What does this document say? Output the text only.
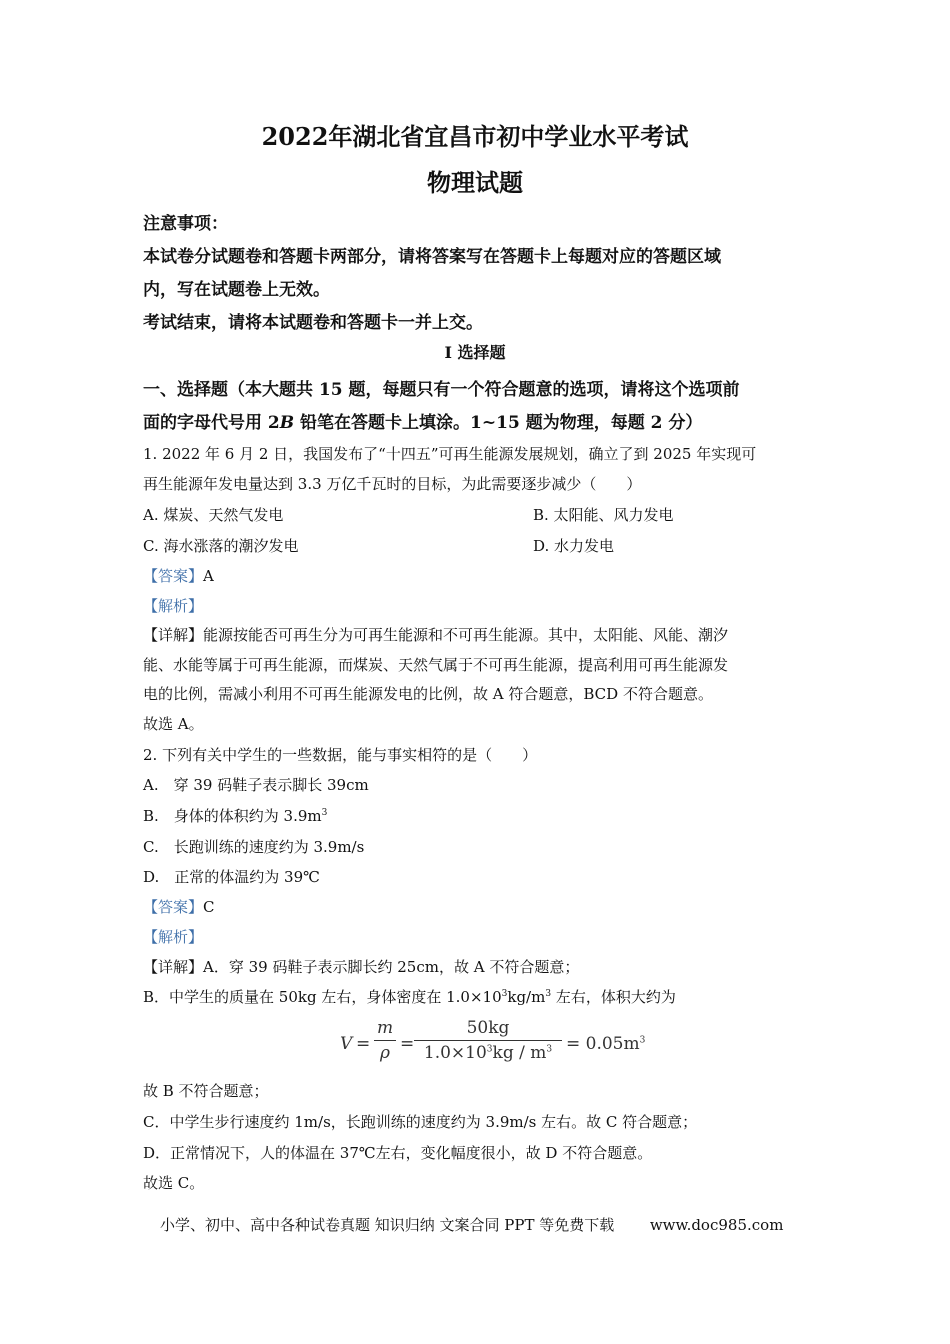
2022年湖北省宜昌市初中学业水平考试
物理试题
注意事项：
本试卷分试题卷和答题卡两部分，请将答案写在答题卡上每题对应的答题区域
内，写在试题卷上无效。
考试结束，请将本试题卷和答题卡一并上交。
I 选择题
一、选择题（本大题共 15 题，每题只有一个符合题意的选项，请将这个选项前
面的字母代号用 2B 铅笔在答题卡上填涂。1~15 题为物理，每题 2 分）
1. 2022 年 6 月 2 日，我国发布了“十四五”可再生能源发展规划，确立了到 2025 年实现可
再生能源年发电量达到 3.3 万亿千瓦时的目标，为此需要逐步减少（　　）
A. 煤炭、天然气发电	B. 太阳能、风力发电
C. 海水涨落的潮汐发电	D. 水力发电
【答案】A
【解析】
【详解】能源按能否可再生分为可再生能源和不可再生能源。其中，太阳能、风能、潮汐
能、水能等属于可再生能源，而煤炭、天然气属于不可再生能源，提高利用可再生能源发
电的比例，需减小利用不可再生能源发电的比例，故 A 符合题意，BCD 不符合题意。
故选 A。
2. 下列有关中学生的一些数据，能与事实相符的是（　　）
A.　穿 39 码鞋子表示脚长 39cm
B.　身体的体积约为 $3.9m^3$
C.　长跑训练的速度约为 3.9m/s
D.　正常的体温约为 39℃
【答案】C
【解析】
【详解】A．穿 39 码鞋子表示脚长约 25cm，故 A 不符合题意；
B．中学生的质量在 50kg 左右，身体密度在 $1.0\times 10^3kg/m^3$ 左右，体积大约为
V =
m
ρ =
50kg
$1.0\times 10^3kg / m^3 = 0.05m^3$
故 B 不符合题意；
C．中学生步行速度约 1m/s，长跑训练的速度约为 3.9m/s 左右。故 C 符合题意；
D．正常情况下，人的体温在 37℃左右，变化幅度很小，故 D 不符合题意。
故选 C。
小学、初中、高中各种试卷真题 知识归纳 文案合同 PPT 等免费下载 www.doc985.com
